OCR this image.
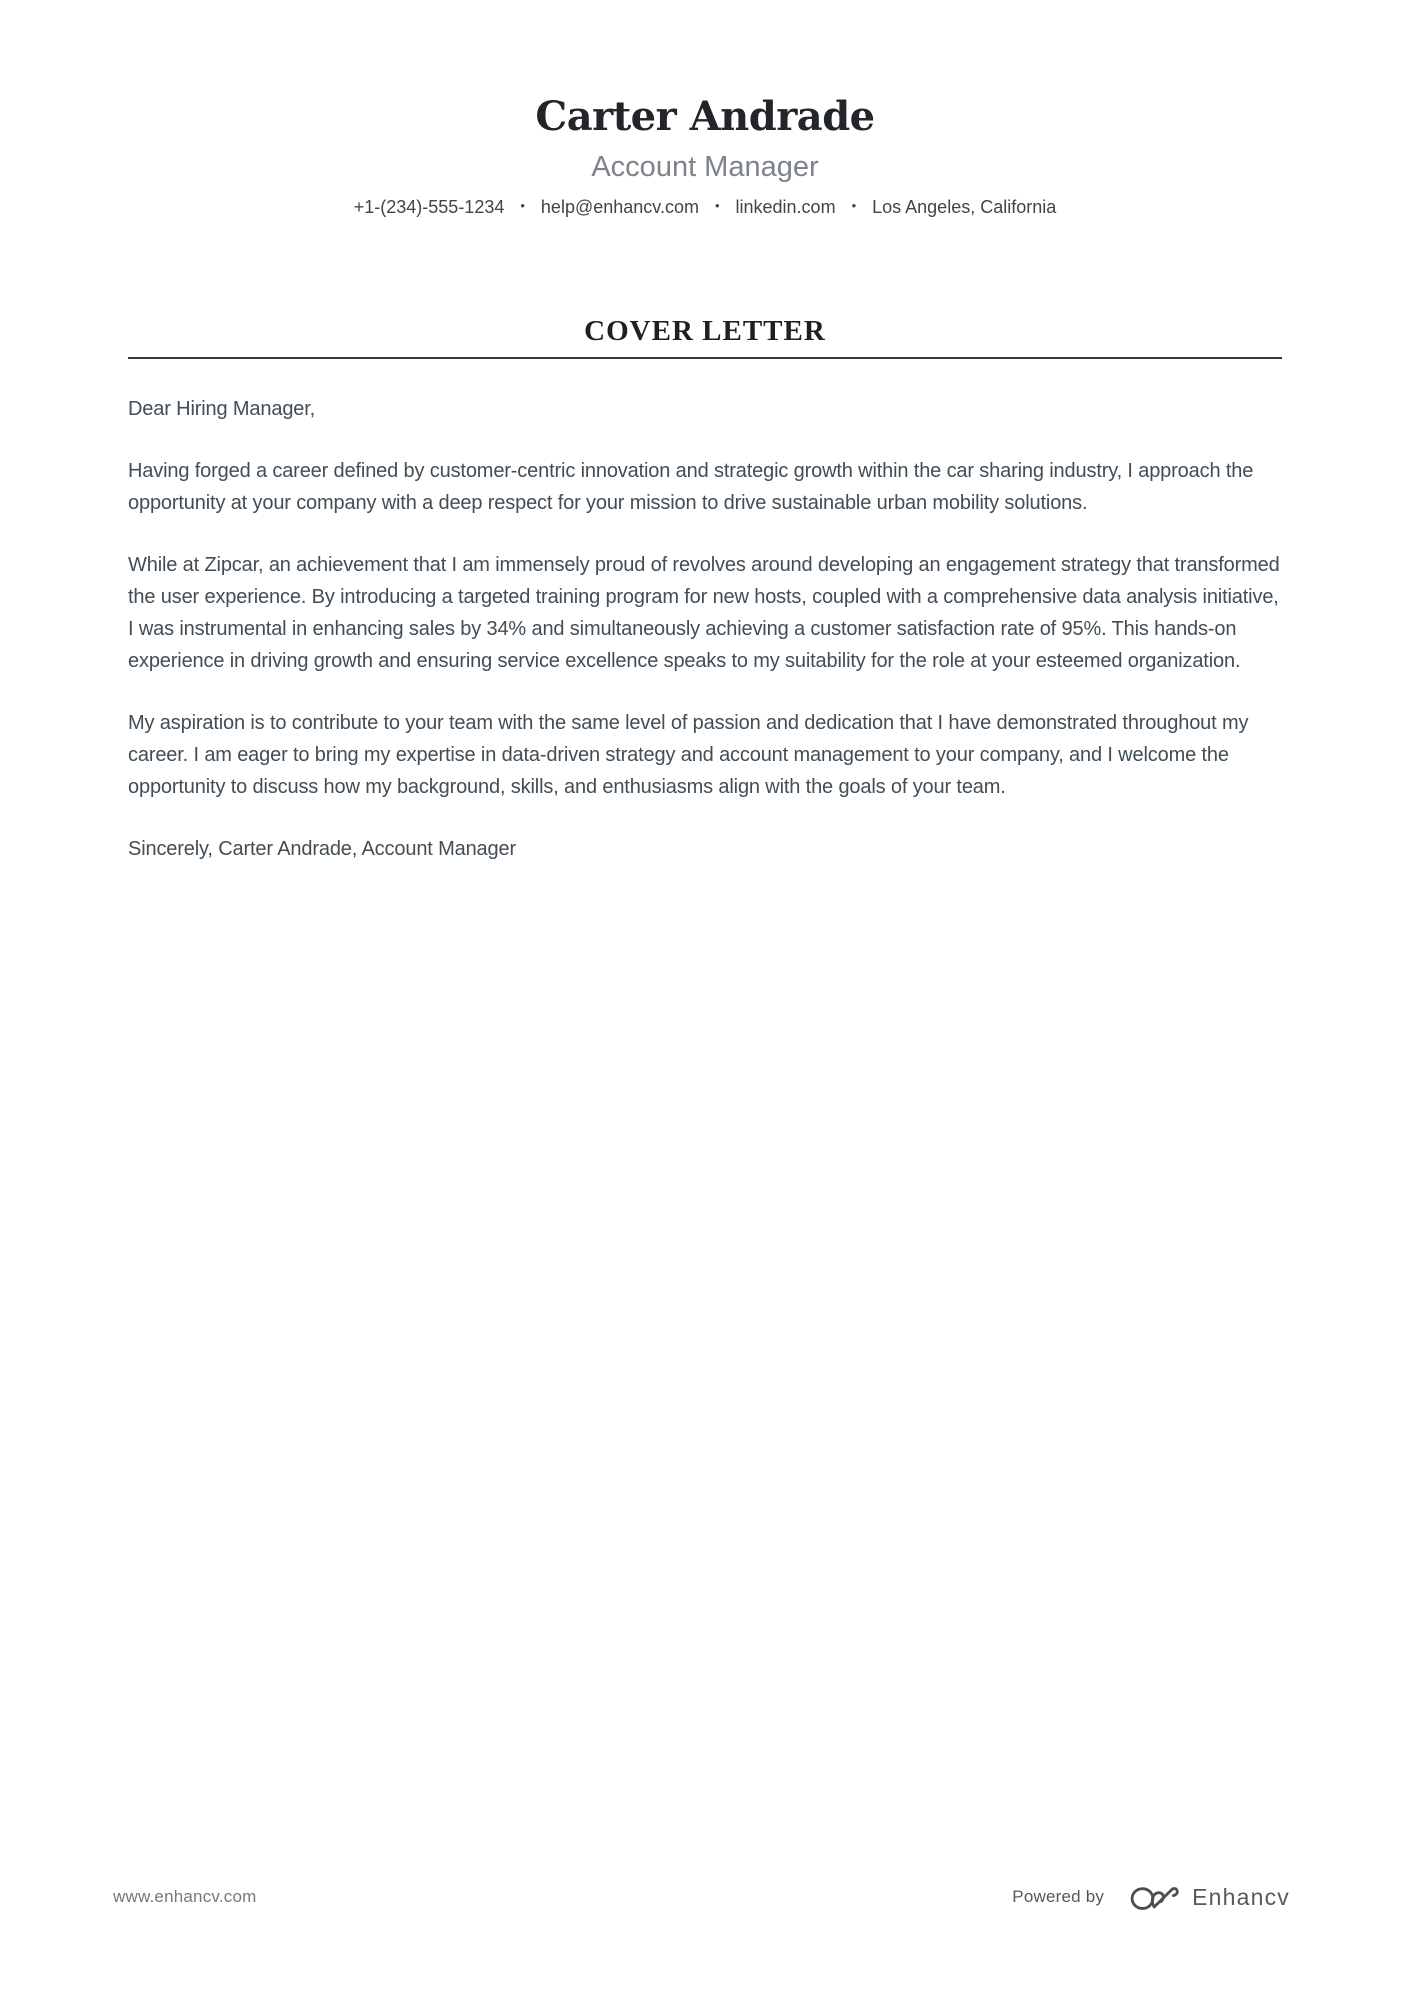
Carter Andrade
Account Manager
+1-(234)-555-1234 • help@enhancv.com • linkedin.com • Los Angeles, California
COVER LETTER

Dear Hiring Manager,

Having forged a career defined by customer-centric innovation and strategic growth within the car sharing industry, I approach the opportunity at your company with a deep respect for your mission to drive sustainable urban mobility solutions.

While at Zipcar, an achievement that I am immensely proud of revolves around developing an engagement strategy that transformed the user experience. By introducing a targeted training program for new hosts, coupled with a comprehensive data analysis initiative, I was instrumental in enhancing sales by 34% and simultaneously achieving a customer satisfaction rate of 95%. This hands-on experience in driving growth and ensuring service excellence speaks to my suitability for the role at your esteemed organization.

My aspiration is to contribute to your team with the same level of passion and dedication that I have demonstrated throughout my career. I am eager to bring my expertise in data-driven strategy and account management to your company, and I welcome the opportunity to discuss how my background, skills, and enthusiasms align with the goals of your team.

Sincerely, Carter Andrade, Account Manager

www.enhancv.com	Powered by	Enhancv
